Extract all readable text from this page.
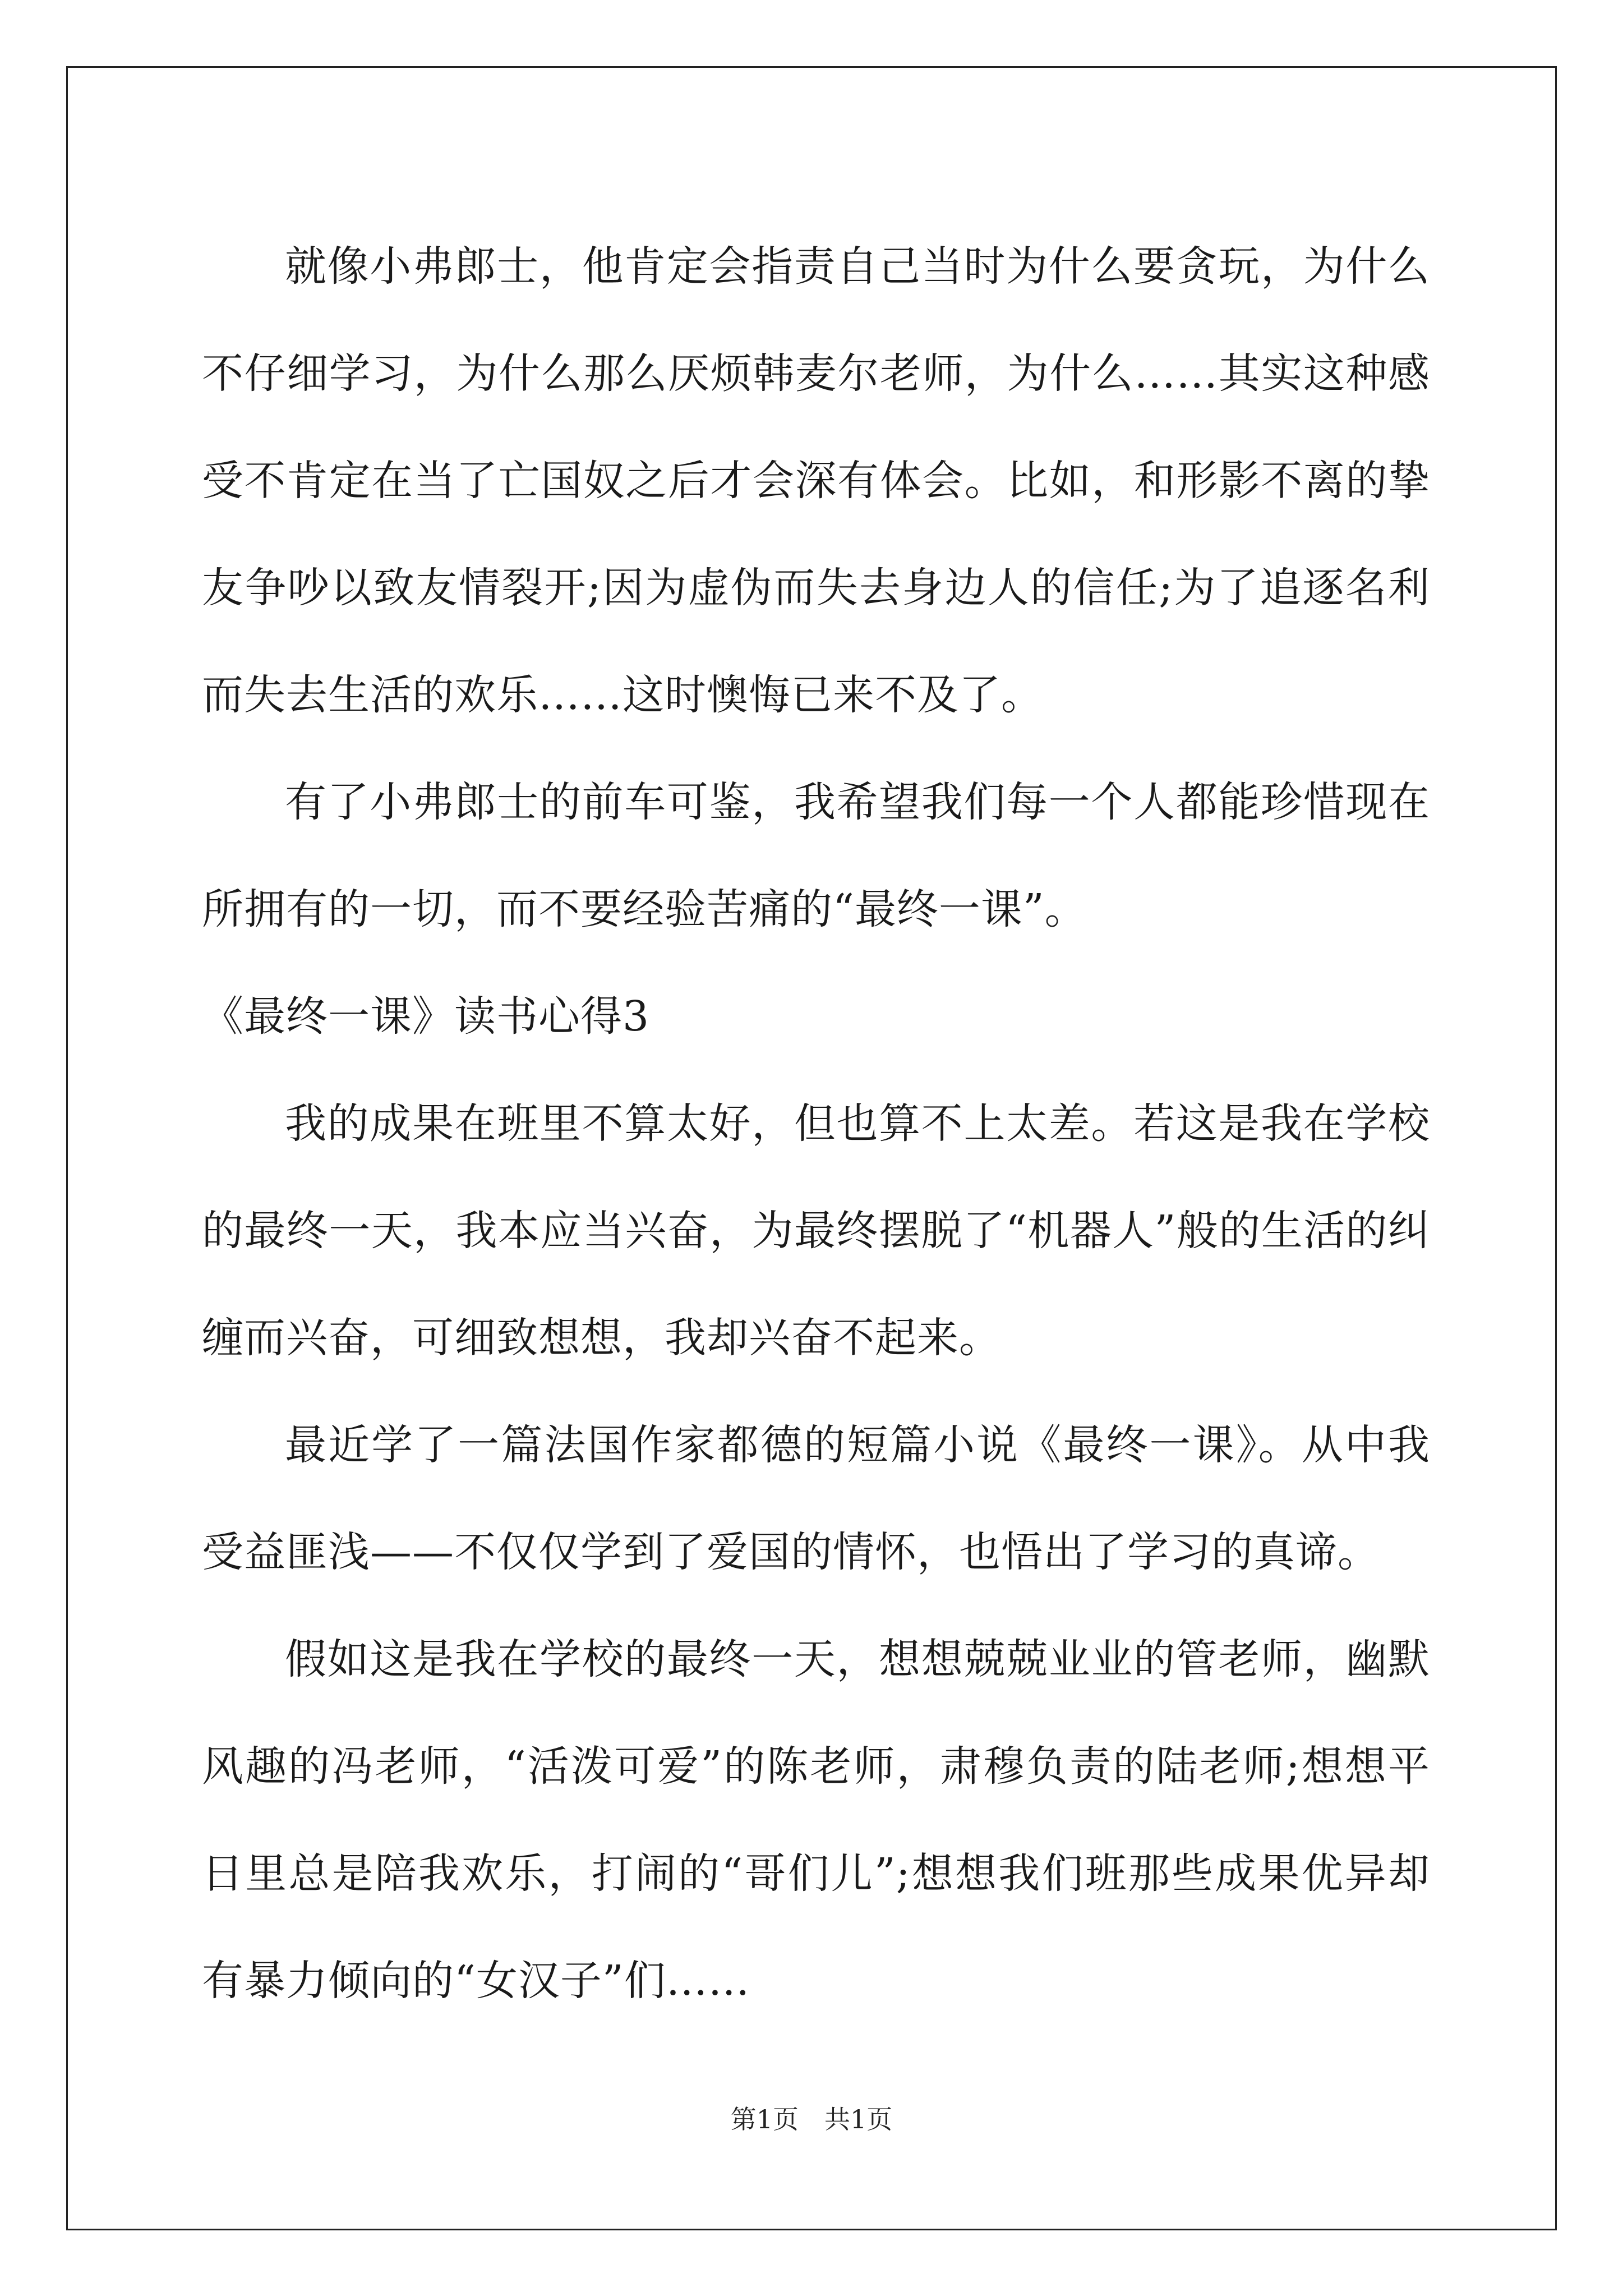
就像小弗郎士，他肯定会指责自己当时为什么要贪玩，为什么不仔细学习，为什么那么厌烦韩麦尔老师，为什么……其实这种感受不肯定在当了亡国奴之后才会深有体会。比如，和形影不离的挚友争吵以致友情裂开;因为虚伪而失去身边人的信任;为了追逐名利而失去生活的欢乐……这时懊悔已来不及了。

有了小弗郎士的前车可鉴，我希望我们每一个人都能珍惜现在所拥有的一切，而不要经验苦痛的“最终一课”。

《最终一课》读书心得3

我的成果在班里不算太好，但也算不上太差。若这是我在学校的最终一天，我本应当兴奋，为最终摆脱了“机器人”般的生活的纠缠而兴奋，可细致想想，我却兴奋不起来。

最近学了一篇法国作家都德的短篇小说《最终一课》。从中我受益匪浅——不仅仅学到了爱国的情怀，也悟出了学习的真谛。

假如这是我在学校的最终一天，想想兢兢业业的管老师，幽默风趣的冯老师，“活泼可爱”的陈老师，肃穆负责的陆老师;想想平日里总是陪我欢乐，打闹的“哥们儿”;想想我们班那些成果优异却有暴力倾向的“女汉子”们……

第1页　共1页
